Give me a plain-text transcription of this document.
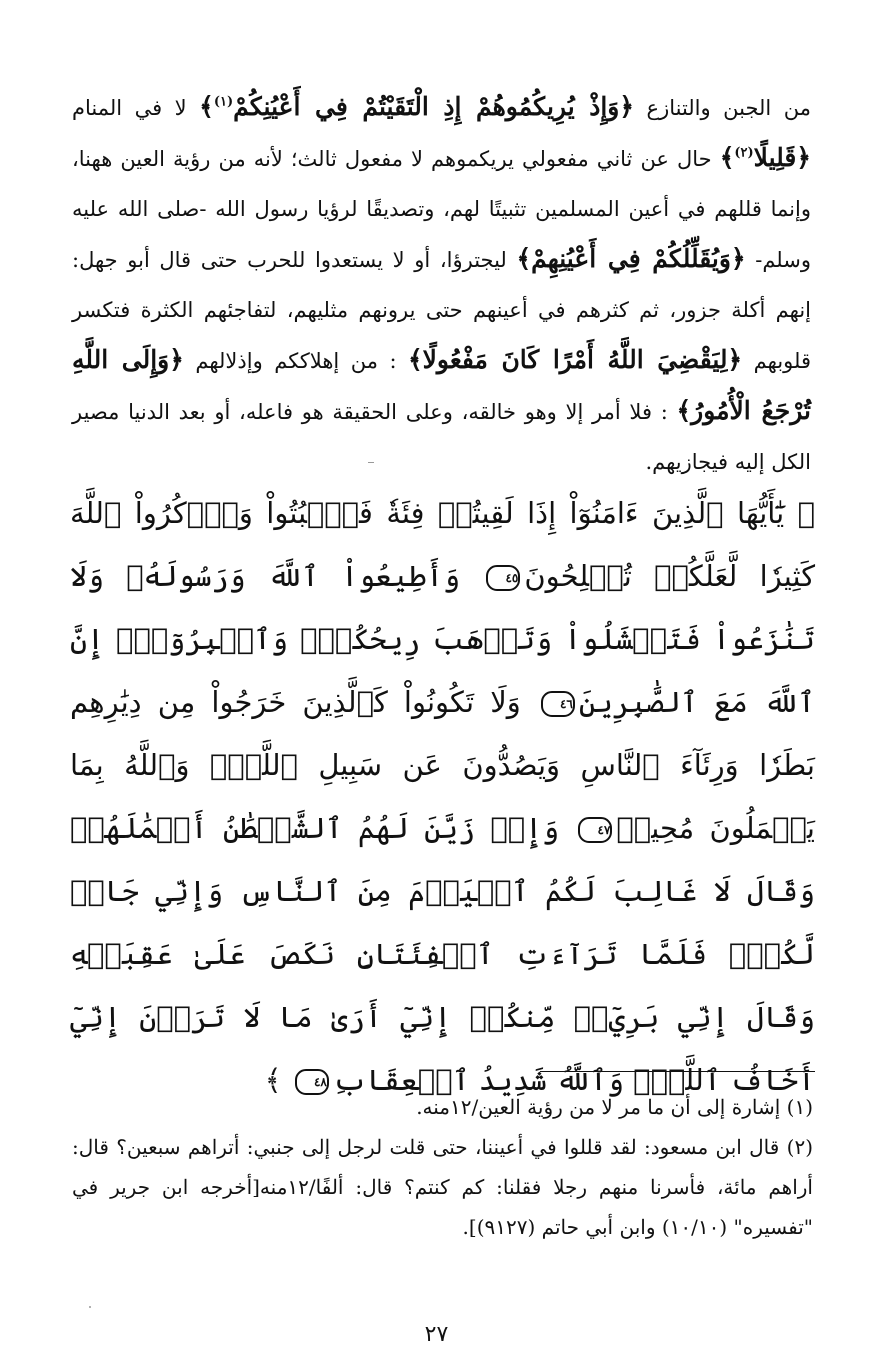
من الجبن والتنازع ﴿وَإِذْ يُرِيكُمُوهُمْ إِذِ الْتَقَيْتُمْ فِي أَعْيُنِكُمْ$^{(١)}$﴾ لا في المنام ﴿قَلِيلًا$^{(٢)}$﴾ حال عن ثاني مفعولي يريكموهم لا مفعول ثالث؛ لأنه من رؤية العين ههنا، وإنما قللهم في أعين المسلمين تثبيتًا لهم، وتصديقًا لرؤيا رسول الله -صلى الله عليه وسلم- ﴿وَيُقَلِّلُكُمْ فِي أَعْيُنِهِمْ﴾ ليجترؤا، أو لا يستعدوا للحرب حتى قال أبو جهل: إنهم أكلة جزور، ثم كثرهم في أعينهم حتى يرونهم مثليهم، لتفاجئهم الكثرة فتكسر قلوبهم ﴿لِيَقْضِيَ اللَّهُ أَمْرًا كَانَ مَفْعُولًا﴾ : من إهلاككم وإذلالهم ﴿وَإِلَى اللَّهِ تُرْجَعُ الْأُمُورُ﴾ : فلا أمر إلا وهو خالقه، وعلى الحقيقة هو فاعله، أو بعد الدنيا مصير الكل إليه فيجازيهم.

﴿ يَٰٓأَيُّهَا ٱلَّذِينَ ءَامَنُوٓاْ إِذَا لَقِيتُمۡ فِئَةٗ فَٱثۡبُتُواْ وَٱذۡكُرُواْ ٱللَّهَ كَثِيرٗا لَّعَلَّكُمۡ تُفۡلِحُونَ٤٥ وَأَطِيعُواْ ٱللَّهَ وَرَسُولَهُۥ وَلَا تَنَٰزَعُواْ فَتَفۡشَلُواْ وَتَذۡهَبَ رِيحُكُمۡۖ وَٱصۡبِرُوٓاْۚ إِنَّ ٱللَّهَ مَعَ ٱلصَّٰبِرِينَ٤٦ وَلَا تَكُونُواْ كَٱلَّذِينَ خَرَجُواْ مِن دِيَٰرِهِم بَطَرٗا وَرِئَآءَ ٱلنَّاسِ وَيَصُدُّونَ عَن سَبِيلِ ٱللَّهِۚ وَٱللَّهُ بِمَا يَعۡمَلُونَ مُحِيطٞ٤٧ وَإِذۡ زَيَّنَ لَهُمُ ٱلشَّيۡطَٰنُ أَعۡمَٰلَهُمۡ وَقَالَ لَا غَالِبَ لَكُمُ ٱلۡيَوۡمَ مِنَ ٱلنَّاسِ وَإِنِّي جَارٞ لَّكُمۡۖ فَلَمَّا تَرَآءَتِ ٱلۡفِئَتَانِ نَكَصَ عَلَىٰ عَقِبَيۡهِ وَقَالَ إِنِّي بَرِيٓءٞ مِّنكُمۡ إِنِّيٓ أَرَىٰ مَا لَا تَرَوۡنَ إِنِّيٓ أَخَافُ ٱللَّهَۚ وَٱللَّهُ شَدِيدُ ٱلۡعِقَابِ٤٨ ﴾

(١) إشارة إلى أن ما مر لا من رؤية العين/١٢منه.

(٢) قال ابن مسعود: لقد قللوا في أعيننا، حتى قلت لرجل إلى جنبي: أتراهم سبعين؟ قال: أراهم مائة، فأسرنا منهم رجلا فقلنا: كم كنتم؟ قال: ألفًا/١٢منه[أخرجه ابن جرير في "تفسيره" (١٠/١٠) وابن أبي حاتم (٩١٢٧)].

٢٧
